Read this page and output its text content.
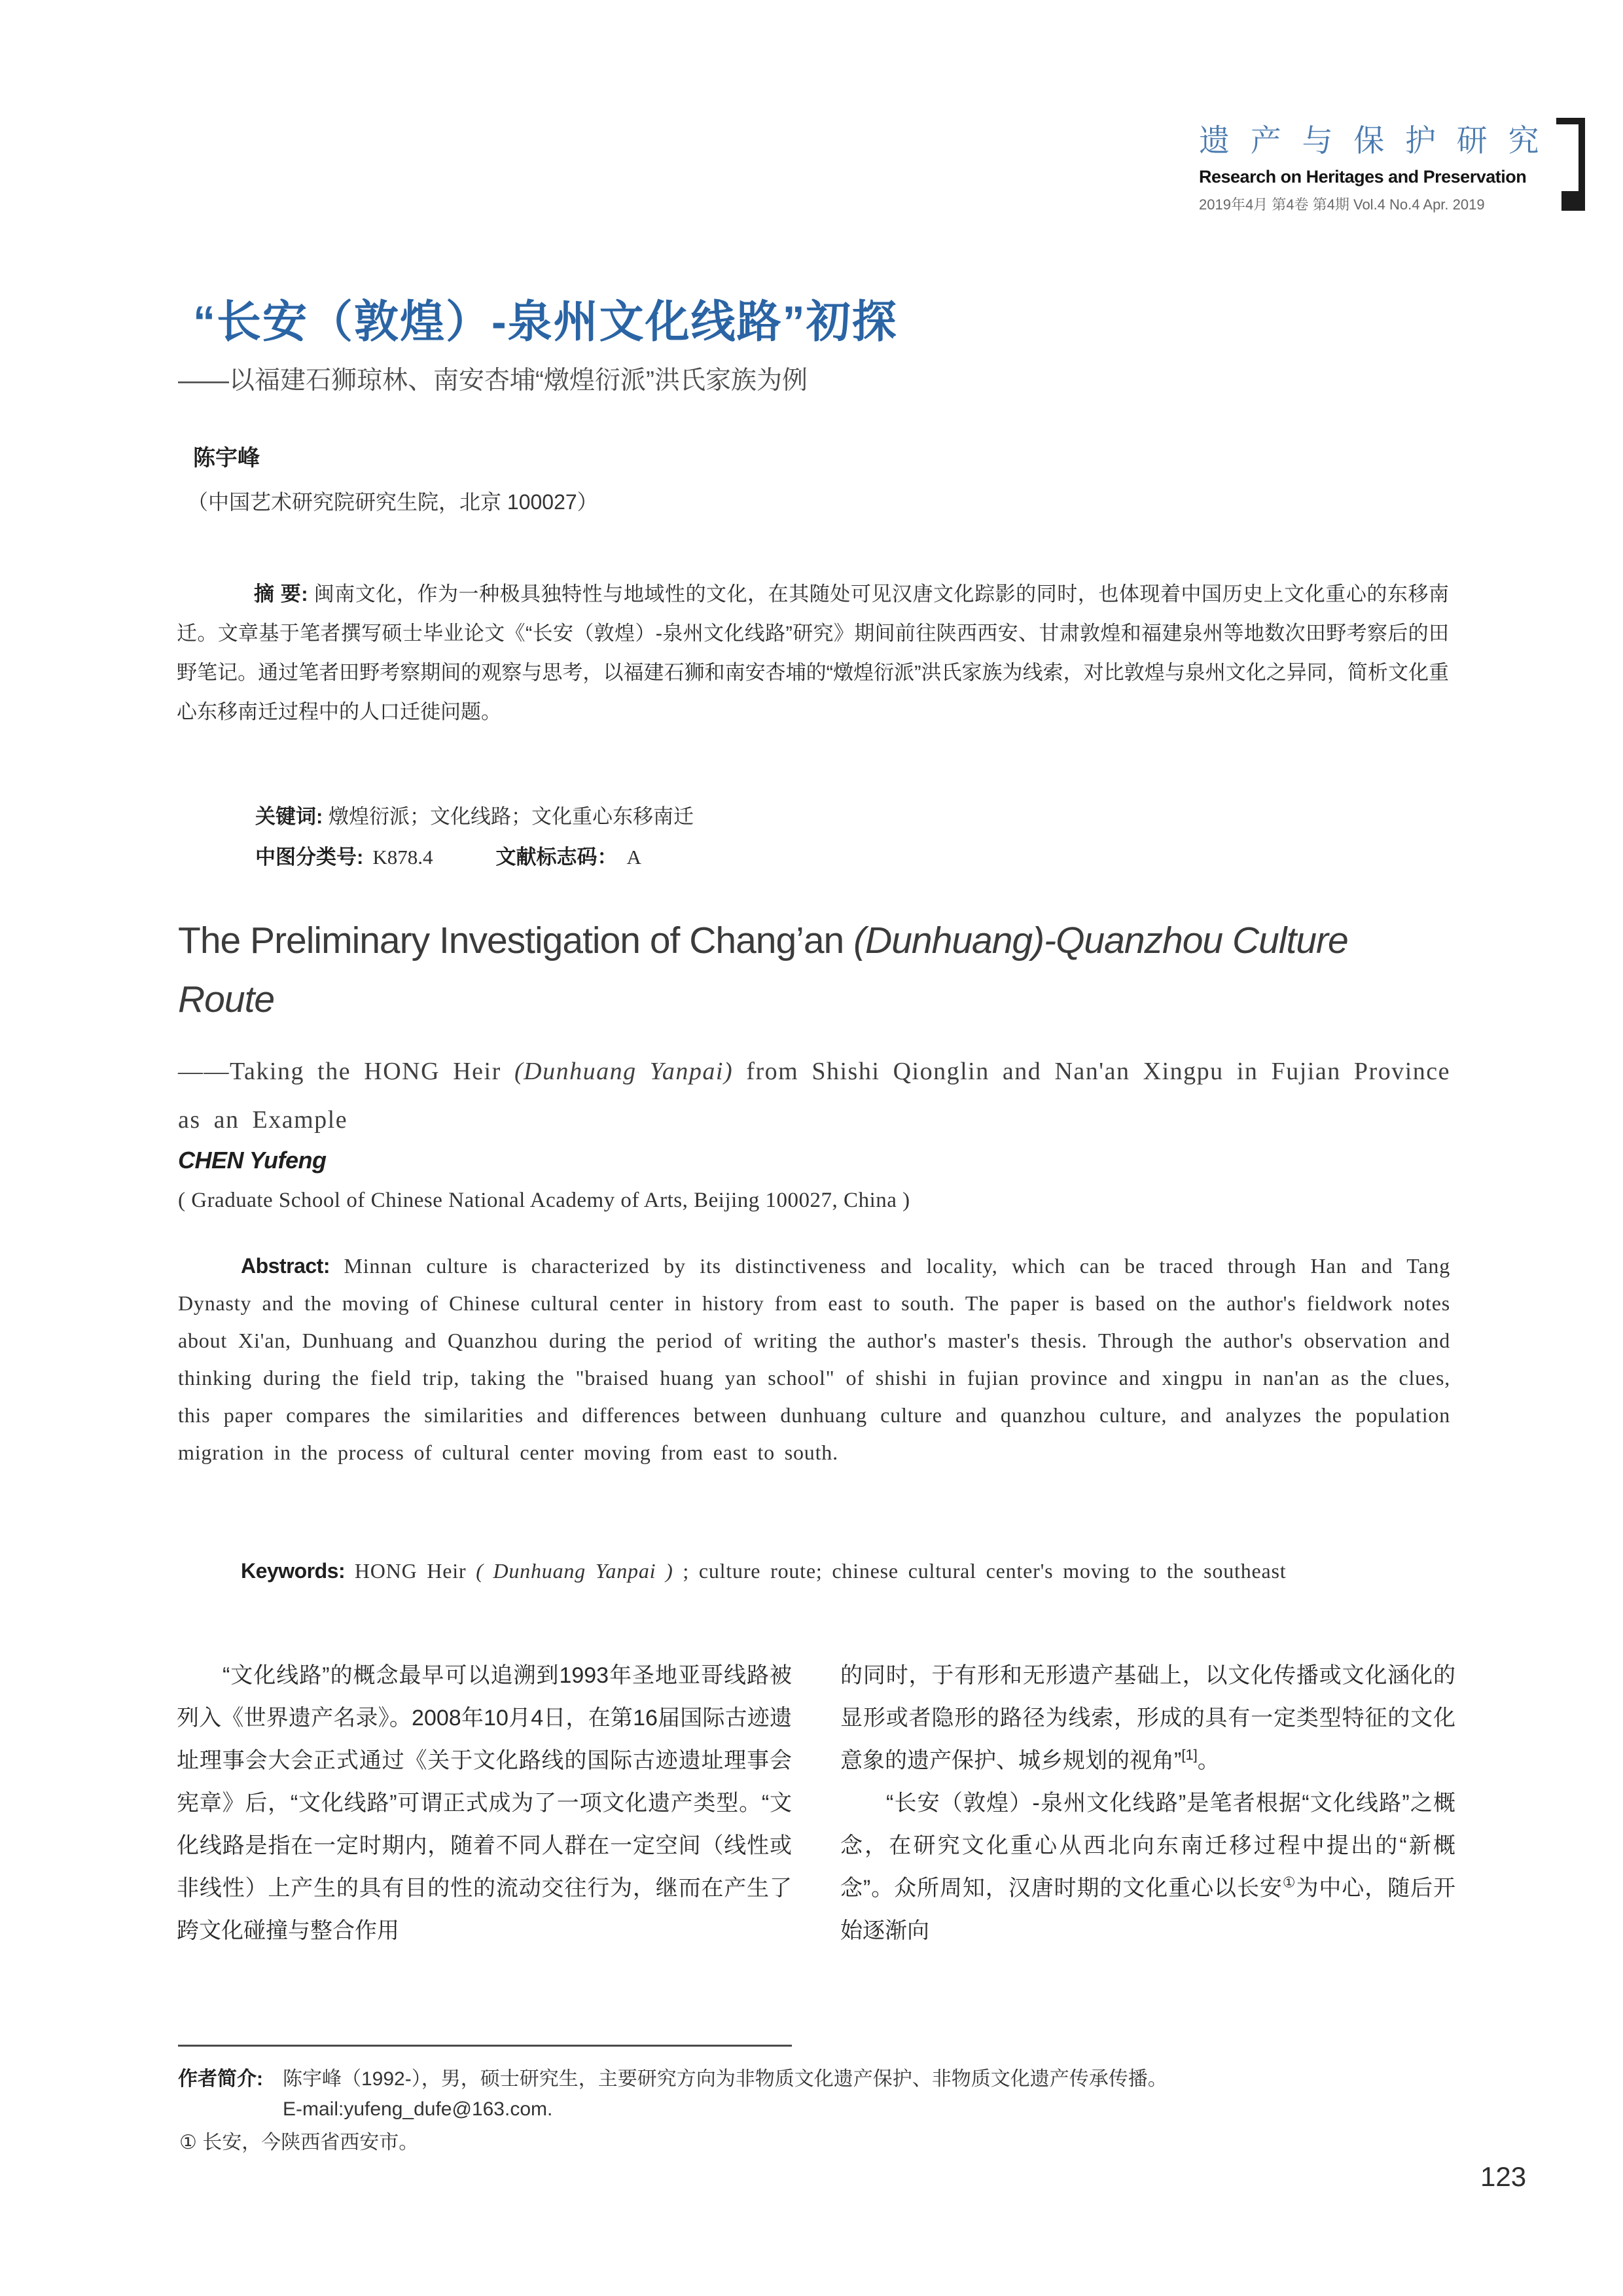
遗 产 与 保 护 研 究
Research on Heritages and Preservation
2019年4月 第4卷 第4期 Vol.4 No.4 Apr. 2019
“长安（敦煌）-泉州文化线路”初探
——以福建石狮琼林、南安杏埔“燉煌衍派”洪氏家族为例
陈宇峰
（中国艺术研究院研究生院，北京 100027）
摘 要: 闽南文化，作为一种极具独特性与地域性的文化，在其随处可见汉唐文化踪影的同时，也体现着中国历史上文化重心的东移南迁。文章基于笔者撰写硕士毕业论文《“长安（敦煌）-泉州文化线路”研究》期间前往陕西西安、甘肃敦煌和福建泉州等地数次田野考察后的田野笔记。通过笔者田野考察期间的观察与思考，以福建石狮和南安杏埔的“燉煌衍派”洪氏家族为线索，对比敦煌与泉州文化之异同，简析文化重心东移南迁过程中的人口迁徙问题。
关键词: 燉煌衍派；文化线路；文化重心东移南迁
中图分类号: K878.4	文献标志码： A
The Preliminary Investigation of Chang’an (Dunhuang)-Quanzhou Culture Route
——Taking the HONG Heir (Dunhuang Yanpai) from Shishi Qionglin and Nan'an Xingpu in Fujian Province as an Example
CHEN Yufeng
( Graduate School of Chinese National Academy of Arts, Beijing 100027, China )
Abstract: Minnan culture is characterized by its distinctiveness and locality, which can be traced through Han and Tang Dynasty and the moving of Chinese cultural center in history from east to south. The paper is based on the author's fieldwork notes about Xi'an, Dunhuang and Quanzhou during the period of writing the author's master's thesis. Through the author's observation and thinking during the field trip, taking the "braised huang yan school" of shishi in fujian province and xingpu in nan'an as the clues, this paper compares the similarities and differences between dunhuang culture and quanzhou culture, and analyzes the population migration in the process of cultural center moving from east to south.
Keywords: HONG Heir ( Dunhuang Yanpai ) ; culture route; chinese cultural center's moving to the southeast

“文化线路”的概念最早可以追溯到1993年圣地亚哥线路被列入《世界遗产名录》。2008年10月4日，在第16届国际古迹遗址理事会大会正式通过《关于文化路线的国际古迹遗址理事会宪章》后，“文化线路”可谓正式成为了一项文化遗产类型。“文化线路是指在一定时期内，随着不同人群在一定空间（线性或非线性）上产生的具有目的性的流动交往行为，继而在产生了跨文化碰撞与整合作用

的同时，于有形和无形遗产基础上，以文化传播或文化涵化的显形或者隐形的路径为线索，形成的具有一定类型特征的文化意象的遗产保护、城乡规划的视角”[1]。

“长安（敦煌）-泉州文化线路”是笔者根据“文化线路”之概念，在研究文化重心从西北向东南迁移过程中提出的“新概念”。众所周知，汉唐时期的文化重心以长安①为中心，随后开始逐渐向

作者简介: 陈宇峰（1992-），男，硕士研究生，主要研究方向为非物质文化遗产保护、非物质文化遗产传承传播。

E-mail:yufeng_dufe@163.com.

① 长安，今陕西省西安市。
123
